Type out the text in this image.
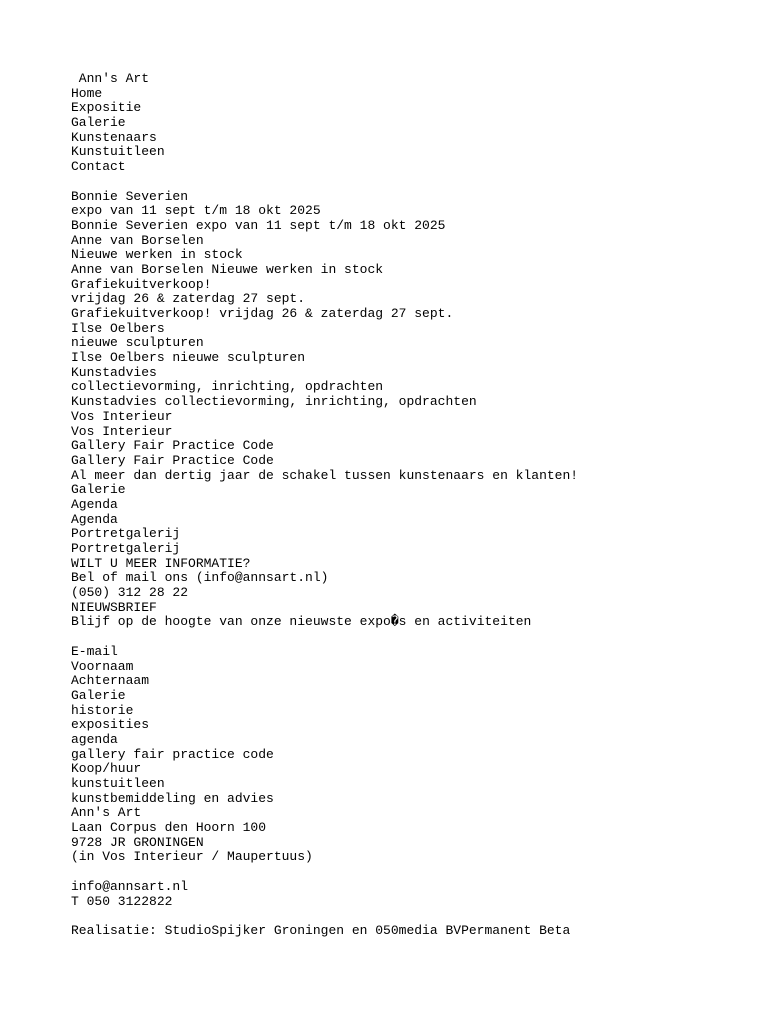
Ann's Art
Home
Expositie
Galerie
Kunstenaars
Kunstuitleen
Contact
Bonnie Severien
expo van 11 sept t/m 18 okt 2025
Bonnie Severien expo van 11 sept t/m 18 okt 2025
Anne van Borselen
Nieuwe werken in stock
Anne van Borselen Nieuwe werken in stock
Grafiekuitverkoop!
vrijdag 26 & zaterdag 27 sept.
Grafiekuitverkoop! vrijdag 26 & zaterdag 27 sept.
Ilse Oelbers
nieuwe sculpturen
Ilse Oelbers nieuwe sculpturen
Kunstadvies
collectievorming, inrichting, opdrachten
Kunstadvies collectievorming, inrichting, opdrachten
Vos Interieur
Vos Interieur
Gallery Fair Practice Code
Gallery Fair Practice Code
Al meer dan dertig jaar de schakel tussen kunstenaars en klanten!
Galerie
Agenda
Agenda
Portretgalerij
Portretgalerij
WILT U MEER INFORMATIE?
Bel of mail ons (info@annsart.nl)
(050) 312 28 22
NIEUWSBRIEF
Blijf op de hoogte van onze nieuwste expo�s en activiteiten
E-mail
Voornaam
Achternaam
Galerie
historie
exposities
agenda
gallery fair practice code
Koop/huur
kunstuitleen
kunstbemiddeling en advies
Ann's Art
Laan Corpus den Hoorn 100
9728 JR GRONINGEN
(in Vos Interieur / Maupertuus)
info@annsart.nl
T 050 3122822
Realisatie: StudioSpijker Groningen en 050media BVPermanent Beta
